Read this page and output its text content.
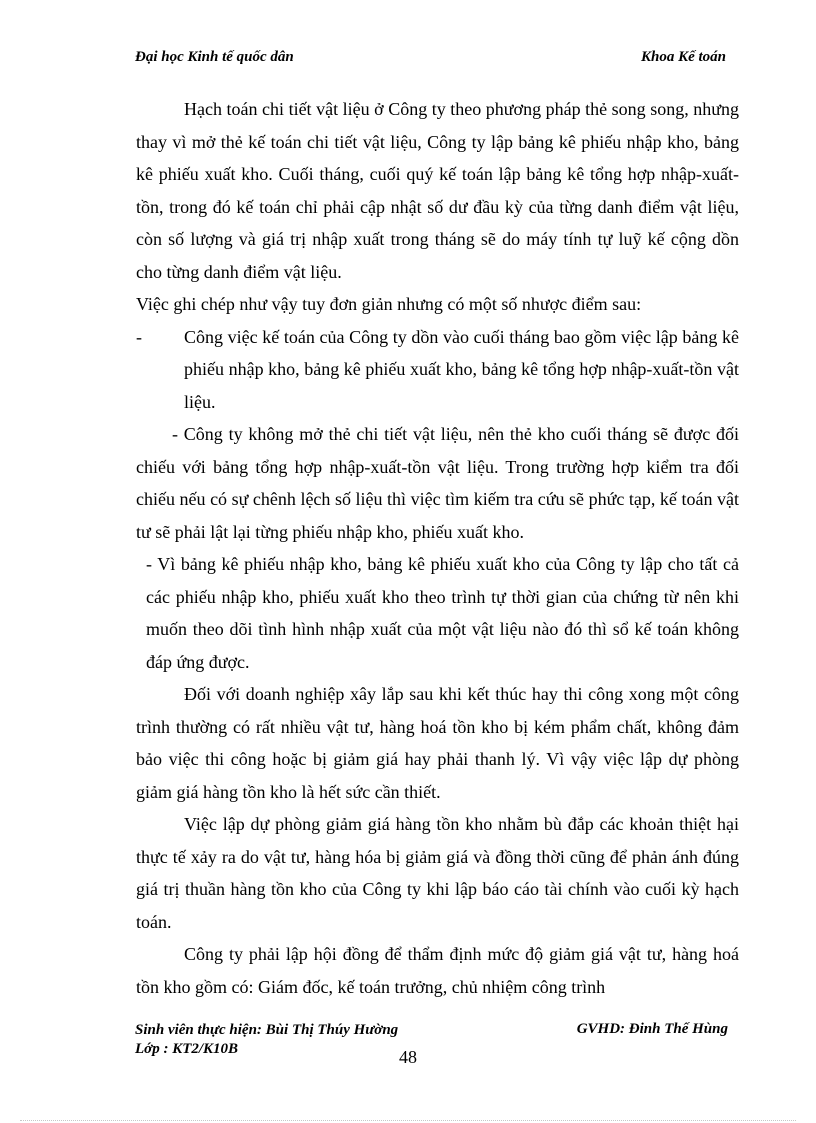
Đại học Kinh tế quốc dân	Khoa Kế toán

Hạch toán chi tiết vật liệu ở Công ty theo phương pháp thẻ song song, nhưng thay vì mở thẻ kế toán chi tiết vật liệu, Công ty lập bảng kê phiếu nhập kho, bảng kê phiếu xuất kho. Cuối tháng, cuối quý kế toán lập bảng kê tổng hợp nhập-xuất-tồn, trong đó kế toán chỉ phải cập nhật số dư đầu kỳ của từng danh điểm vật liệu, còn số lượng và giá trị nhập xuất trong tháng sẽ do máy tính tự luỹ kế cộng dồn cho từng danh điểm vật liệu.

Việc ghi chép như vậy tuy đơn giản nhưng có một số nhược điểm sau:

-	Công việc kế toán của Công ty dồn vào cuối tháng bao gồm việc lập bảng kê phiếu nhập kho, bảng kê phiếu xuất kho, bảng kê tổng hợp nhập-xuất-tồn vật liệu.

- Công ty không mở thẻ chi tiết vật liệu, nên thẻ kho cuối tháng sẽ được đối chiếu với bảng tổng hợp nhập-xuất-tồn vật liệu. Trong trường hợp kiểm tra đối chiếu nếu có sự chênh lệch số liệu thì việc tìm kiếm tra cứu sẽ phức tạp, kế toán vật tư sẽ phải lật lại từng phiếu nhập kho, phiếu xuất kho.

- Vì bảng kê phiếu nhập kho, bảng kê phiếu xuất kho của Công ty lập cho tất cả các phiếu nhập kho, phiếu xuất kho theo trình tự thời gian của chứng từ nên khi muốn theo dõi tình hình nhập xuất của một vật liệu nào đó thì sổ kế toán không đáp ứng được.

Đối với doanh nghiệp xây lắp sau khi kết thúc hay thi công xong một công trình thường có rất nhiều vật tư, hàng hoá tồn kho bị kém phẩm chất, không đảm bảo việc thi công hoặc bị giảm giá hay phải thanh lý. Vì vậy việc lập dự phòng giảm giá hàng tồn kho là hết sức cần thiết.

Việc lập dự phòng giảm giá hàng tồn kho nhằm bù đắp các khoản thiệt hại thực tế xảy ra do vật tư, hàng hóa bị giảm giá và đồng thời cũng để phản ánh đúng giá trị thuần hàng tồn kho của Công ty khi lập báo cáo tài chính vào cuối kỳ hạch toán.

Công ty phải lập hội đồng để thẩm định mức độ giảm giá vật tư, hàng hoá tồn kho gồm có: Giám đốc, kế toán trưởng, chủ nhiệm công trình

Sinh viên thực hiện: Bùi Thị Thúy Hường
Lớp : KT2/K10B
GVHD: Đinh Thế Hùng
48
